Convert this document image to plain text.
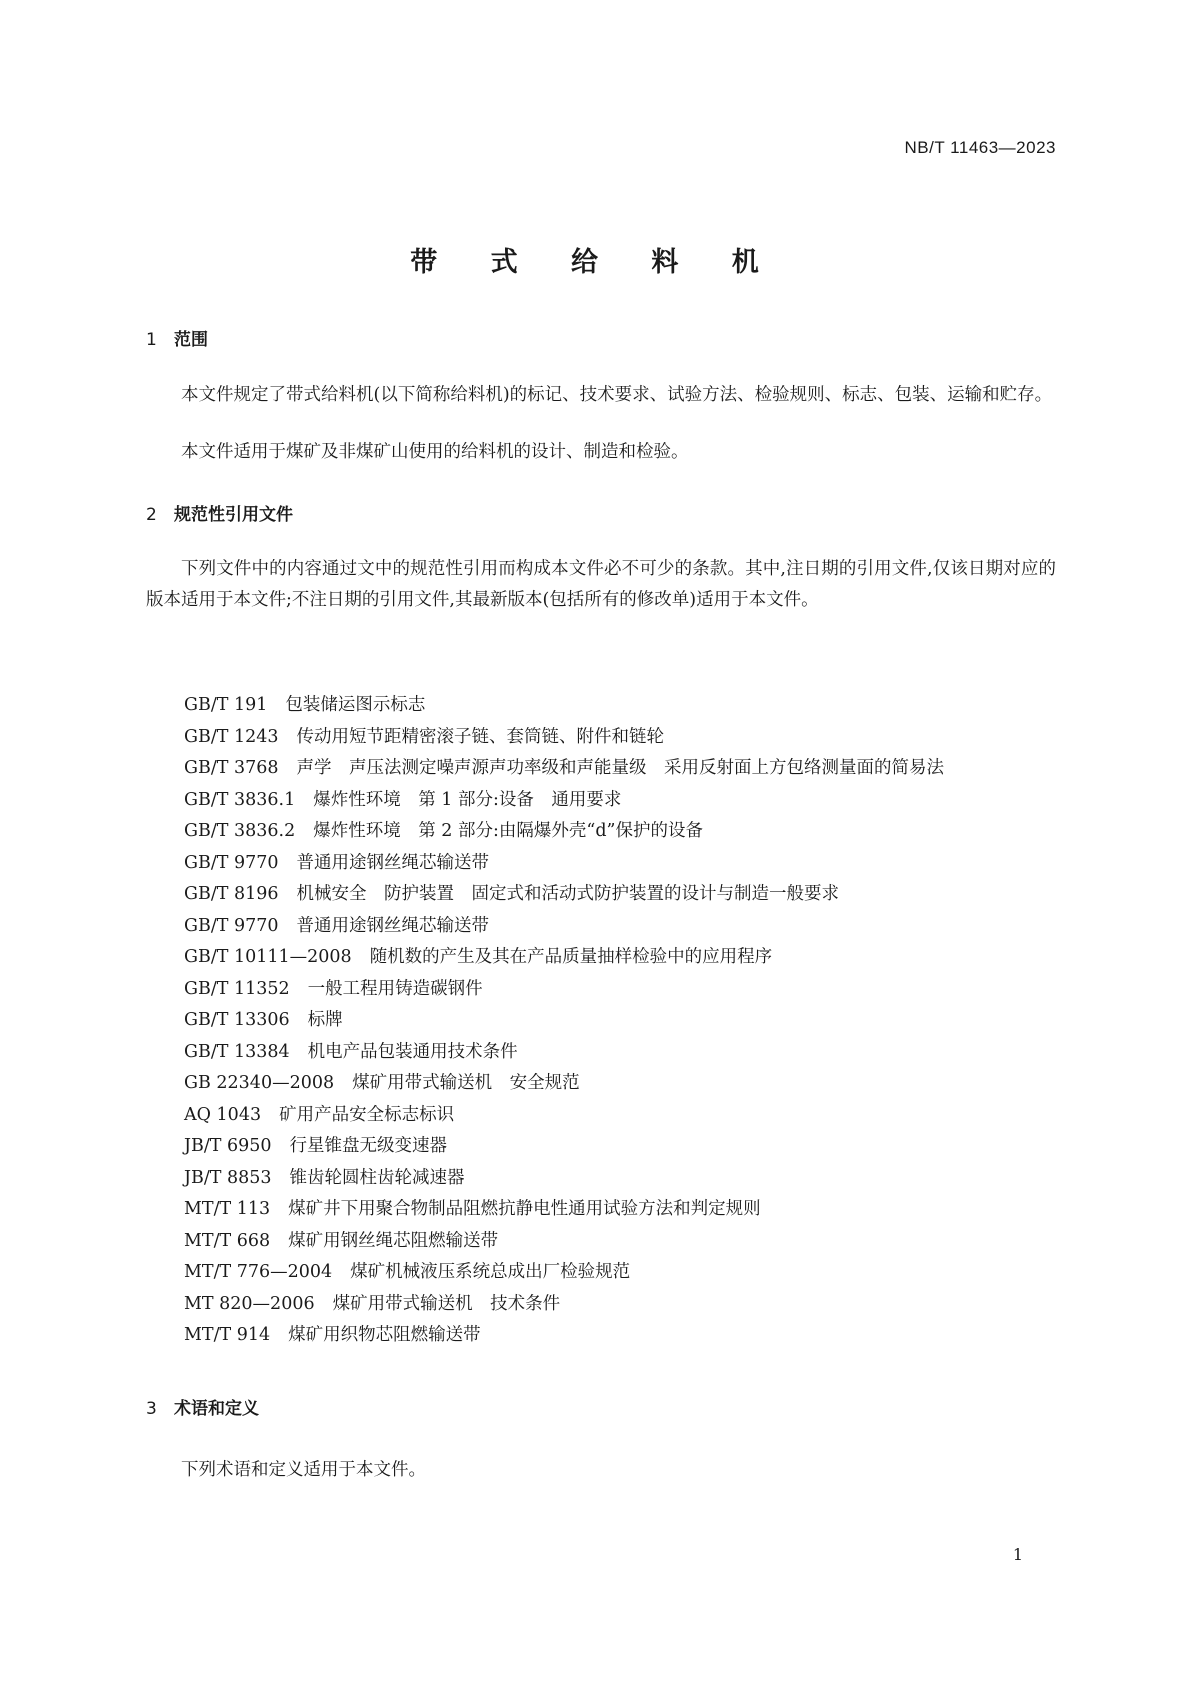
NB/T 11463—2023
带 式 给 料 机
1 范围
本文件规定了带式给料机(以下简称给料机)的标记、技术要求、试验方法、检验规则、标志、包装、运输和贮存。
本文件适用于煤矿及非煤矿山使用的给料机的设计、制造和检验。
2 规范性引用文件
下列文件中的内容通过文中的规范性引用而构成本文件必不可少的条款。其中,注日期的引用文件,仅该日期对应的版本适用于本文件;不注日期的引用文件,其最新版本(包括所有的修改单)适用于本文件。
GB/T 191 包装储运图示标志
GB/T 1243 传动用短节距精密滚子链、套筒链、附件和链轮
GB/T 3768 声学　声压法测定噪声源声功率级和声能量级　采用反射面上方包络测量面的简易法
GB/T 3836.1 爆炸性环境　第 1 部分:设备　通用要求
GB/T 3836.2 爆炸性环境　第 2 部分:由隔爆外壳“d”保护的设备
GB/T 9770 普通用途钢丝绳芯输送带
GB/T 8196 机械安全　防护装置　固定式和活动式防护装置的设计与制造一般要求
GB/T 9770 普通用途钢丝绳芯输送带
GB/T 10111—2008 随机数的产生及其在产品质量抽样检验中的应用程序
GB/T 11352 一般工程用铸造碳钢件
GB/T 13306 标牌
GB/T 13384 机电产品包装通用技术条件
GB 22340—2008 煤矿用带式输送机　安全规范
AQ 1043 矿用产品安全标志标识
JB/T 6950 行星锥盘无级变速器
JB/T 8853 锥齿轮圆柱齿轮减速器
MT/T 113 煤矿井下用聚合物制品阻燃抗静电性通用试验方法和判定规则
MT/T 668 煤矿用钢丝绳芯阻燃输送带
MT/T 776—2004 煤矿机械液压系统总成出厂检验规范
MT 820—2006 煤矿用带式输送机　技术条件
MT/T 914 煤矿用织物芯阻燃输送带
3 术语和定义
下列术语和定义适用于本文件。
1
